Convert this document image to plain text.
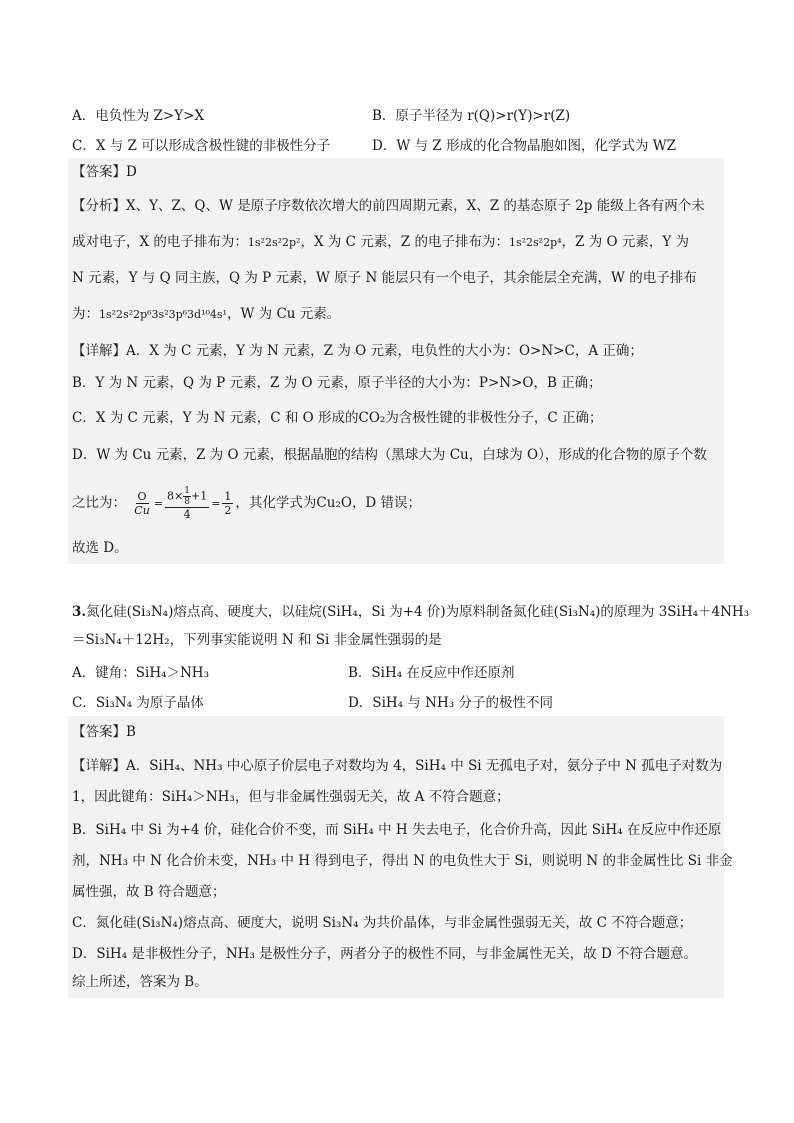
A．电负性为 Z>Y>X	B．原子半径为 r(Q)>r(Y)>r(Z)
C．X 与 Z 可以形成含极性键的非极性分子	D．W 与 Z 形成的化合物晶胞如图，化学式为 WZ
【答案】D
【分析】X、Y、Z、Q、W 是原子序数依次增大的前四周期元素，X、Z 的基态原子 2p 能级上各有两个未
成对电子，X 的电子排布为：1s²2s²2p²，X 为 C 元素，Z 的电子排布为：1s²2s²2p⁴，Z 为 O 元素，Y 为
N 元素，Y 与 Q 同主族，Q 为 P 元素，W 原子 N 能层只有一个电子，其余能层全充满，W 的电子排布
为：1s²2s²2p⁶3s²3p⁶3d¹⁰4s¹，W 为 Cu 元素。
【详解】A．X 为 C 元素，Y 为 N 元素，Z 为 O 元素，电负性的大小为：O>N>C，A 正确；
B．Y 为 N 元素，Q 为 P 元素，Z 为 O 元素，原子半径的大小为：P>N>O，B 正确；
C．X 为 C 元素，Y 为 N 元素，C 和 O 形成的CO₂为含极性键的非极性分子，C 正确；
D．W 为 Cu 元素，Z 为 O 元素，根据晶胞的结构（黑球大为 Cu，白球为 O），形成的化合物的原子个数
之比为： $\frac{O}{Cu} = \frac{8\times \frac{1}{8} +1}{4} = \frac{1}{2}$ ，其化学式为Cu₂O，D 错误；
故选 D。
3.氮化硅(Si₃N₄)熔点高、硬度大，以硅烷(SiH₄，Si 为+4 价)为原料制备氮化硅(Si₃N₄)的原理为 3SiH₄＋4NH₃
＝Si₃N₄＋12H₂，下列事实能说明 N 和 Si 非金属性强弱的是
A．键角：SiH₄＞NH₃	B．SiH₄ 在反应中作还原剂
C．Si₃N₄ 为原子晶体	D．SiH₄ 与 NH₃ 分子的极性不同
【答案】B
【详解】A．SiH₄、NH₃ 中心原子价层电子对数均为 4，SiH₄ 中 Si 无孤电子对，氨分子中 N 孤电子对数为
1，因此键角：SiH₄＞NH₃，但与非金属性强弱无关，故 A 不符合题意；
B．SiH₄ 中 Si 为+4 价，硅化合价不变，而 SiH₄ 中 H 失去电子，化合价升高，因此 SiH₄ 在反应中作还原
剂，NH₃ 中 N 化合价未变，NH₃ 中 H 得到电子，得出 N 的电负性大于 Si，则说明 N 的非金属性比 Si 非金
属性强，故 B 符合题意；
C．氮化硅(Si₃N₄)熔点高、硬度大，说明 Si₃N₄ 为共价晶体，与非金属性强弱无关，故 C 不符合题意；
D．SiH₄ 是非极性分子，NH₃ 是极性分子，两者分子的极性不同，与非金属性无关，故 D 不符合题意。
综上所述，答案为 B。
